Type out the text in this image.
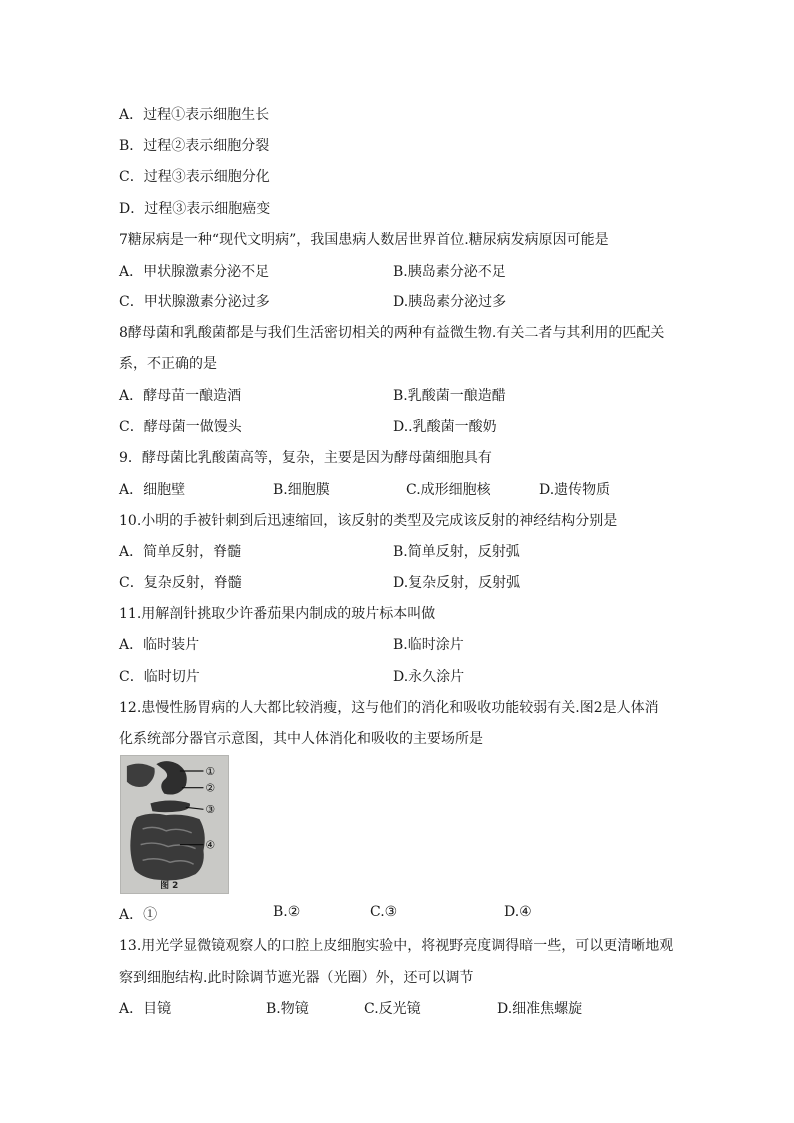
A．过程①表示细胞生长
B．过程②表示细胞分裂
C．过程③表示细胞分化
D．过程③表示细胞癌变
7糖尿病是一种“现代文明病”，我国患病人数居世界首位.糖尿病发病原因可能是
A．甲状腺激素分泌不足	B.胰岛素分泌不足
C．甲状腺激素分泌过多	D.胰岛素分泌过多
8酵母菌和乳酸菌都是与我们生活密切相关的两种有益微生物.有关二者与其利用的匹配关
系，不正确的是
A．酵母苗一酿造酒	B.乳酸菌一酿造醋
C．酵母菌一做馒头	D..乳酸菌一酸奶
9．酵母菌比乳酸菌高等，复杂，主要是因为酵母菌细胞具有
A．细胞壁	B.细胞膜	C.成形细胞核	D.遗传物质
10.小明的手被针刺到后迅速缩回，该反射的类型及完成该反射的神经结构分别是
A．简单反射，脊髓	B.简单反射，反射弧
C．复杂反射，脊髓	D.复杂反射，反射弧
11.用解剖针挑取少许番茄果内制成的玻片标本叫做
A．临时装片	B.临时涂片
C．临时切片	D.永久涂片
12.患慢性肠胃病的人大都比较消瘦，这与他们的消化和吸收功能较弱有关.图2是人体消
化系统部分器官示意图，其中人体消化和吸收的主要场所是
①
②
③
④
图 2
A．①	B.②	C.③	D.④
13.用光学显微镜观察人的口腔上皮细胞实验中，将视野亮度调得暗一些，可以更清晰地观
察到细胞结构.此时除调节遮光器（光圈）外，还可以调节
A．目镜	B.物镜	C.反光镜	D.细准焦螺旋
